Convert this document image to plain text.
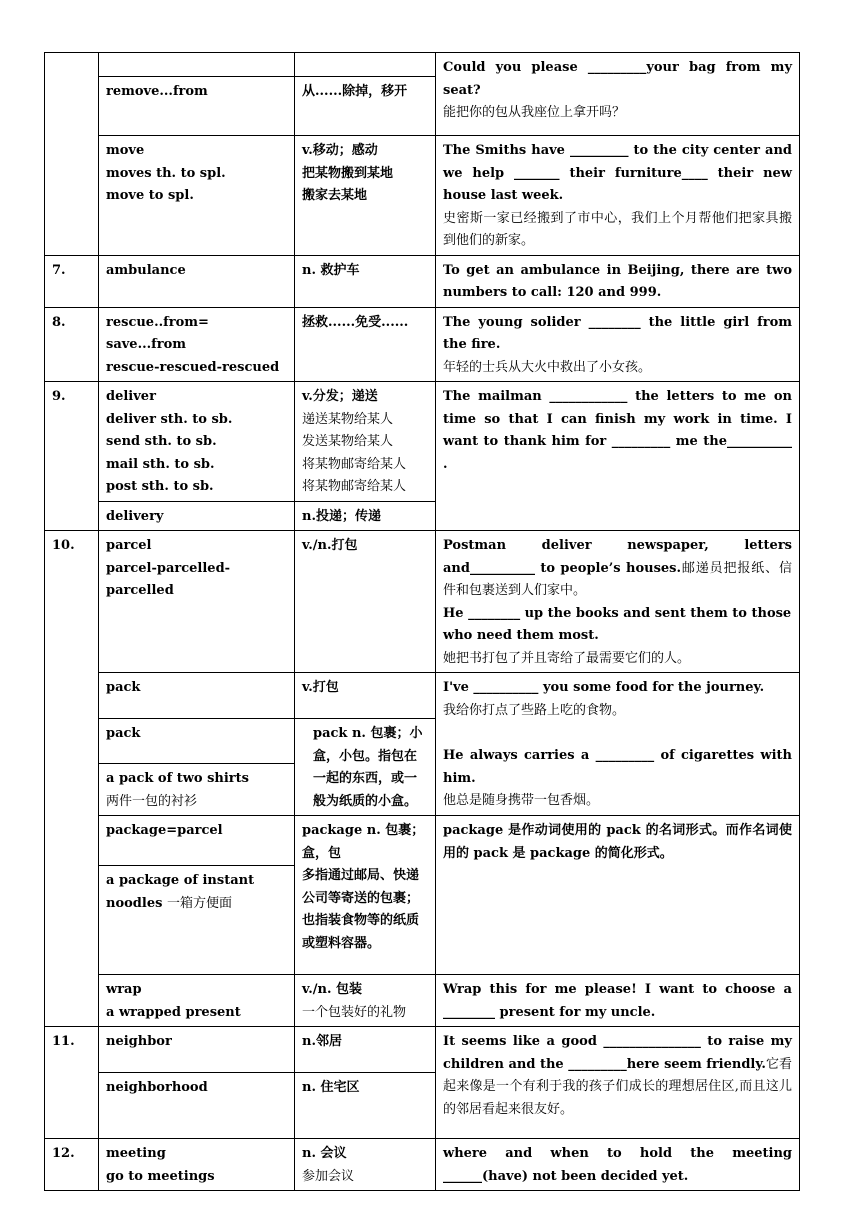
			Could you please _________your bag from my seat?
能把你的包从我座位上拿开吗？

	remove...from	从......除掉，移开	

	move
moves th. to spl.
move to spl.	v.移动；感动
把某物搬到某地
搬家去某地	The Smiths have _________ to the city center and we help _______ their furniture____ their new house last week.
史密斯一家已经搬到了市中心，我们上个月帮他们把家具搬到他们的新家。

7.	ambulance	n. 救护车	To get an ambulance in Beijing, there are two numbers to call: 120 and 999.
8.	rescue..from= save...from
rescue-rescued-rescued	拯救......免受......	The young solider ________ the little girl from the fire.
年轻的士兵从大火中救出了小女孩。

9.	deliver
deliver sth. to sb.
send sth. to sb.
mail sth. to sb.
post sth. to sb.	v.分发；递送
递送某物给某人
发送某物给某人
将某物邮寄给某人
将某物邮寄给某人	The mailman ____________ the letters to me on time so that I can finish my work in time. I want to thank him for _________ me the__________ .

	delivery	n.投递；传递	
10.	parcel
parcel-parcelled-parcelled	v./n.打包	Postman deliver newspaper, letters and__________ to people’s houses.邮递员把报纸、信件和包裹送到人们家中。
He ________ up the books and sent them to those who need them most.
她把书打包了并且寄给了最需要它们的人。
	pack	v.打包	I've __________ you some food for the journey.
我给你打点了些路上吃的食物。
He always carries a _________ of cigarettes with him.
他总是随身携带一包香烟。

	pack	pack n. 包裹；小盒，小包。指包在一起的东西，或一般为纸质的小盒。	

	a pack of two shirts
两件一包的衬衫		

	package=parcel	package n. 包裹；盒，包
多指通过邮局、快递公司等寄送的包裹；也指装食物等的纸质或塑料容器。	package 是作动词使用的 pack 的名词形式。而作名词使用的 pack 是 package 的简化形式。

	a package of instant
noodles 一箱方便面		

	wrap
a wrapped present	v./n. 包装
一个包装好的礼物	Wrap this for me please! I want to choose a ________ present for my uncle.
11.	neighbor	n.邻居	It seems like a good _______________ to raise my children and the _________here seem friendly.它看起来像是一个有利于我的孩子们成长的理想居住区,而且这儿的邻居看起来很友好。
	neighborhood	n. 住宅区	
12.	meeting
go to meetings	n. 会议
参加会议	where and when to hold the meeting ______(have) not been decided yet.
